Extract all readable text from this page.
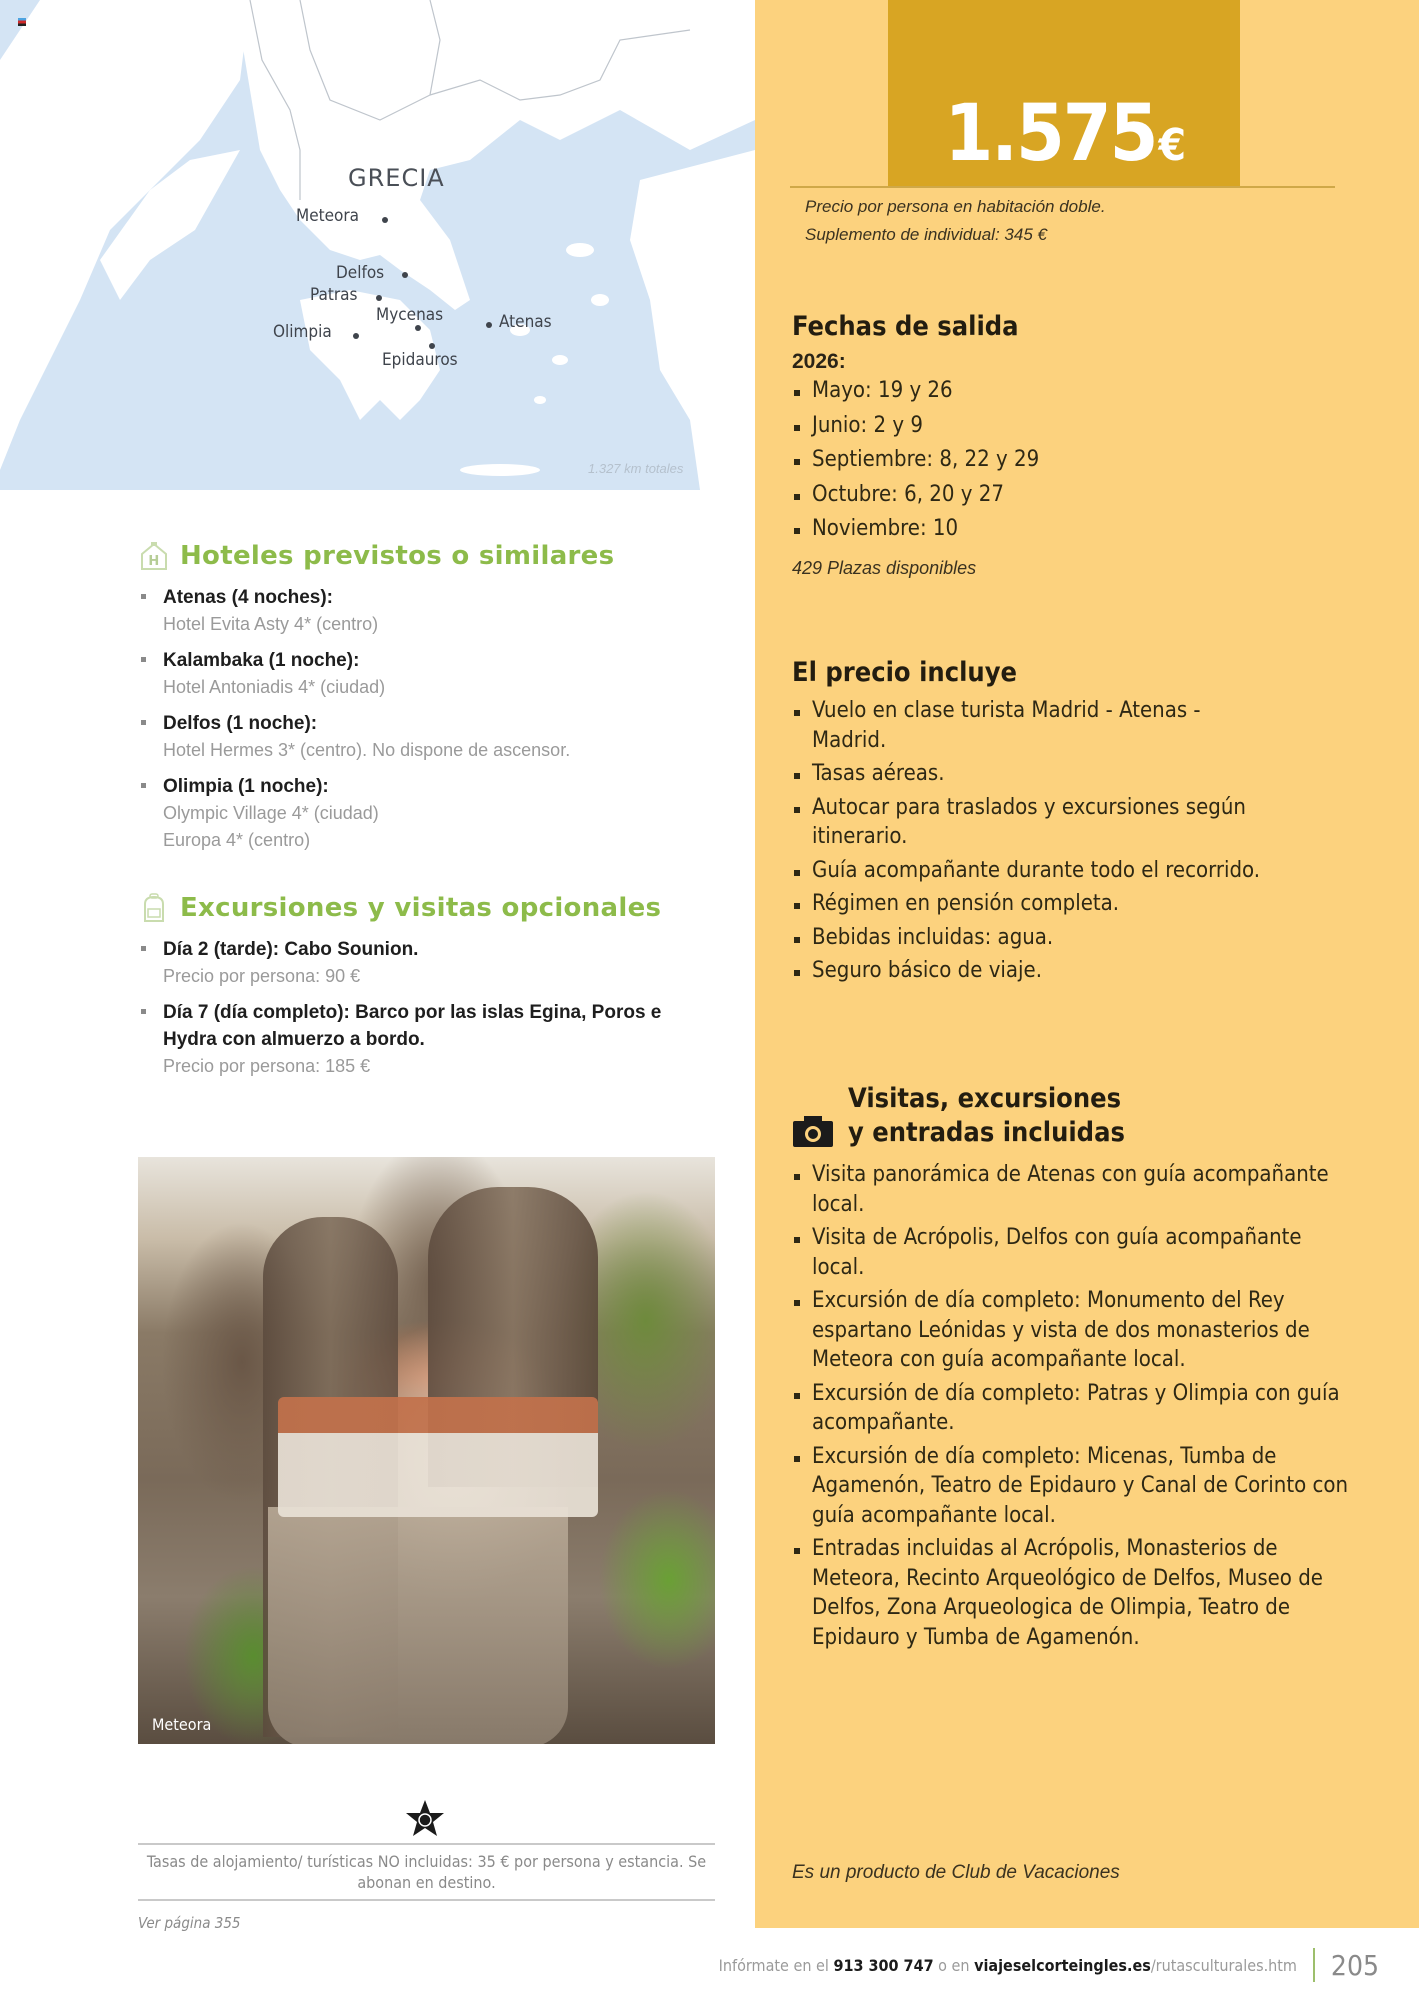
GRECIA
Meteora
Delfos
Patras
Mycenas	Atenas
Olimpia
Epidauros
1.327 km totales
H Hoteles previstos o similares
Atenas (4 noches):
Hotel Evita Asty 4* (centro)
Kalambaka (1 noche):
Hotel Antoniadis 4* (ciudad)
Delfos (1 noche):
Hotel Hermes 3* (centro). No dispone de ascensor.
Olimpia (1 noche):
Olympic Village 4* (ciudad)
Europa 4* (centro)
Excursiones y visitas opcionales
Día 2 (tarde): Cabo Sounion.
Precio por persona: 90 €
Día 7 (día completo): Barco por las islas Egina, Poros e Hydra con almuerzo a bordo.
Precio por persona: 185 €
Meteora
Tasas de alojamiento/ turísticas NO incluidas: 35 € por persona y estancia. Se abonan en destino.
Ver página 355
1.575€
Precio por persona en habitación doble.
Suplemento de individual: 345 €
Fechas de salida
2026:
Mayo: 19 y 26
Junio: 2 y 9
Septiembre: 8, 22 y 29
Octubre: 6, 20 y 27
Noviembre: 10
429 Plazas disponibles
El precio incluye
Vuelo en clase turista Madrid - Atenas - Madrid.
Tasas aéreas.
Autocar para traslados y excursiones según itinerario.
Guía acompañante durante todo el recorrido.
Régimen en pensión completa.
Bebidas incluidas: agua.
Seguro básico de viaje.
Visitas, excursiones
y entradas incluidas
Visita panorámica de Atenas con guía acompañante local.
Visita de Acrópolis, Delfos con guía acompañante local.
Excursión de día completo: Monumento del Rey espartano Leónidas y vista de dos monasterios de Meteora con guía acompañante local.
Excursión de día completo: Patras y Olimpia con guía acompañante.
Excursión de día completo: Micenas, Tumba de Agamenón, Teatro de Epidauro y Canal de Corinto con guía acompañante local.
Entradas incluidas al Acrópolis, Monasterios de Meteora, Recinto Arqueológico de Delfos, Museo de Delfos, Zona Arqueologica de Olimpia, Teatro de Epidauro y Tumba de Agamenón.
Es un producto de Club de Vacaciones
Infórmate en el 913 300 747 o en viajeselcorteingles.es/rutasculturales.htm 205
